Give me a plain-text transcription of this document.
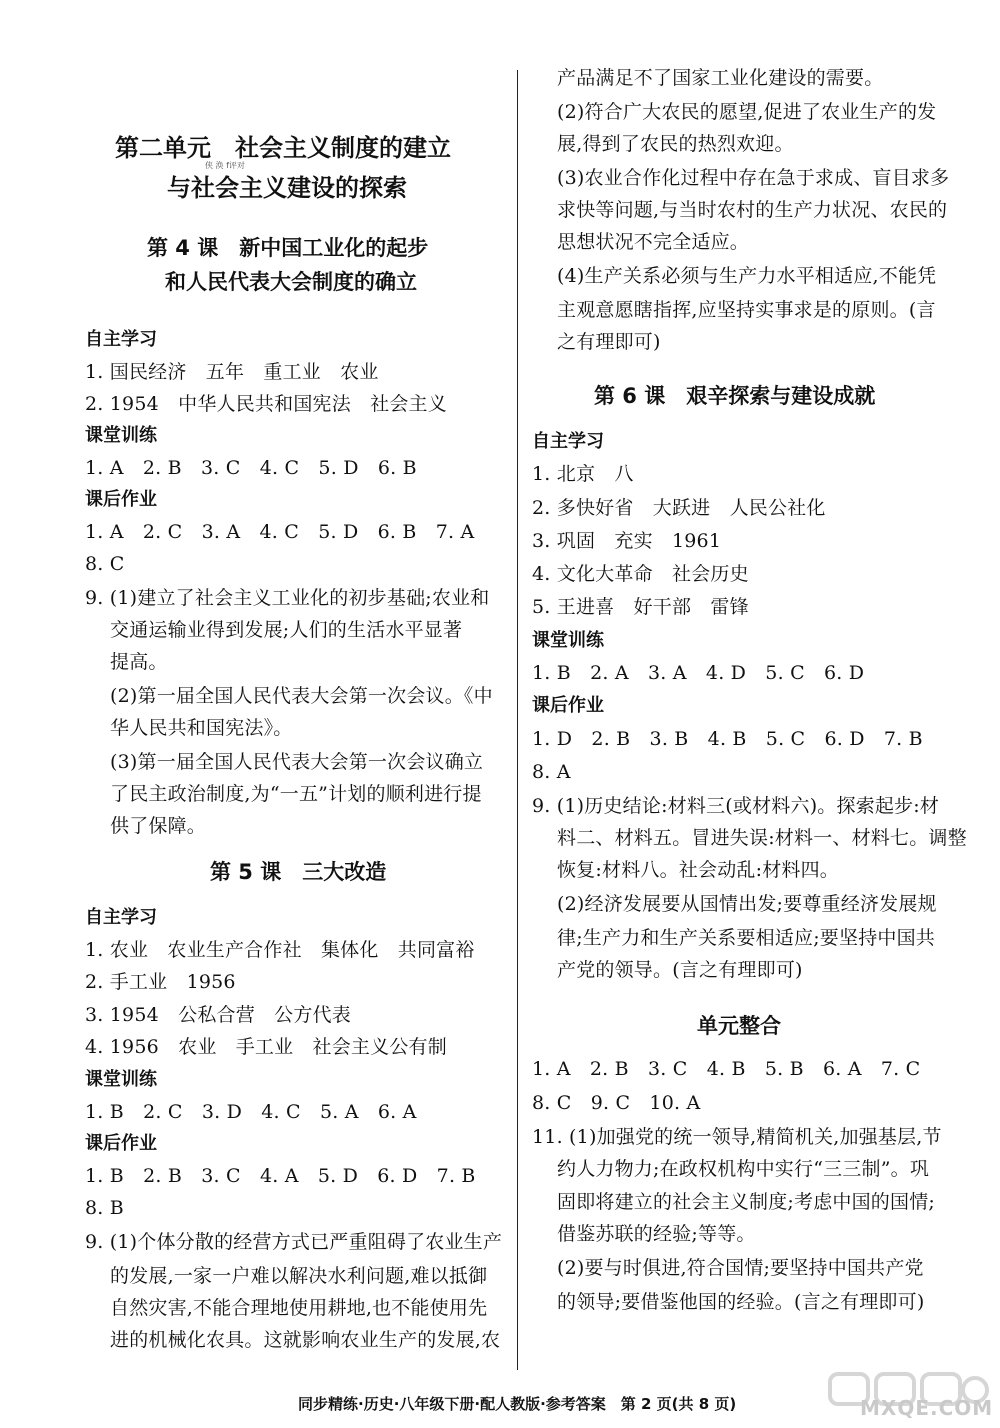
第二单元　社会主义制度的建立
与社会主义建设的探索
侠 涣 f评对
第 4 课　新中国工业化的起步
和人民代表大会制度的确立
自主学习
1. 国民经济　五年　重工业　农业
2. 1954　中华人民共和国宪法　社会主义
课堂训练
1. A　2. B　3. C　4. C　5. D　6. B
课后作业
1. A　2. C　3. A　4. C　5. D　6. B　7. A
8. C
9. (1)建立了社会主义工业化的初步基础;农业和
交通运输业得到发展;人们的生活水平显著
提高。
(2)第一届全国人民代表大会第一次会议。《中
华人民共和国宪法》。
(3)第一届全国人民代表大会第一次会议确立
了民主政治制度,为“一五”计划的顺利进行提
供了保障。
第 5 课　三大改造
自主学习
1. 农业　农业生产合作社　集体化　共同富裕
2. 手工业　1956
3. 1954　公私合营　公方代表
4. 1956　农业　手工业　社会主义公有制
课堂训练
1. B　2. C　3. D　4. C　5. A　6. A
课后作业
1. B　2. B　3. C　4. A　5. D　6. D　7. B
8. B
9. (1)个体分散的经营方式已严重阻碍了农业生产
的发展,一家一户难以解决水利问题,难以抵御
自然灾害,不能合理地使用耕地,也不能使用先
进的机械化农具。这就影响农业生产的发展,农
产品满足不了国家工业化建设的需要。
(2)符合广大农民的愿望,促进了农业生产的发
展,得到了农民的热烈欢迎。
(3)农业合作化过程中存在急于求成、盲目求多
求快等问题,与当时农村的生产力状况、农民的
思想状况不完全适应。
(4)生产关系必须与生产力水平相适应,不能凭
主观意愿瞎指挥,应坚持实事求是的原则。(言
之有理即可)
第 6 课　艰辛探索与建设成就
自主学习
1. 北京　八
2. 多快好省　大跃进　人民公社化
3. 巩固　充实　1961
4. 文化大革命　社会历史
5. 王进喜　好干部　雷锋
课堂训练
1. B　2. A　3. A　4. D　5. C　6. D
课后作业
1. D　2. B　3. B　4. B　5. C　6. D　7. B
8. A
9. (1)历史结论:材料三(或材料六)。探索起步:材
料二、材料五。冒进失误:材料一、材料七。调整
恢复:材料八。社会动乱:材料四。
(2)经济发展要从国情出发;要尊重经济发展规
律;生产力和生产关系要相适应;要坚持中国共
产党的领导。(言之有理即可)
单元整合
1. A　2. B　3. C　4. B　5. B　6. A　7. C
8. C　9. C　10. A
11. (1)加强党的统一领导,精简机关,加强基层,节
约人力物力;在政权机构中实行“三三制”。巩
固即将建立的社会主义制度;考虑中国的国情;
借鉴苏联的经验;等等。
(2)要与时俱进,符合国情;要坚持中国共产党
的领导;要借鉴他国的经验。(言之有理即可)
同步精练·历史·八年级下册·配人教版·参考答案　第 2 页(共 8 页)	MXQE.COM
